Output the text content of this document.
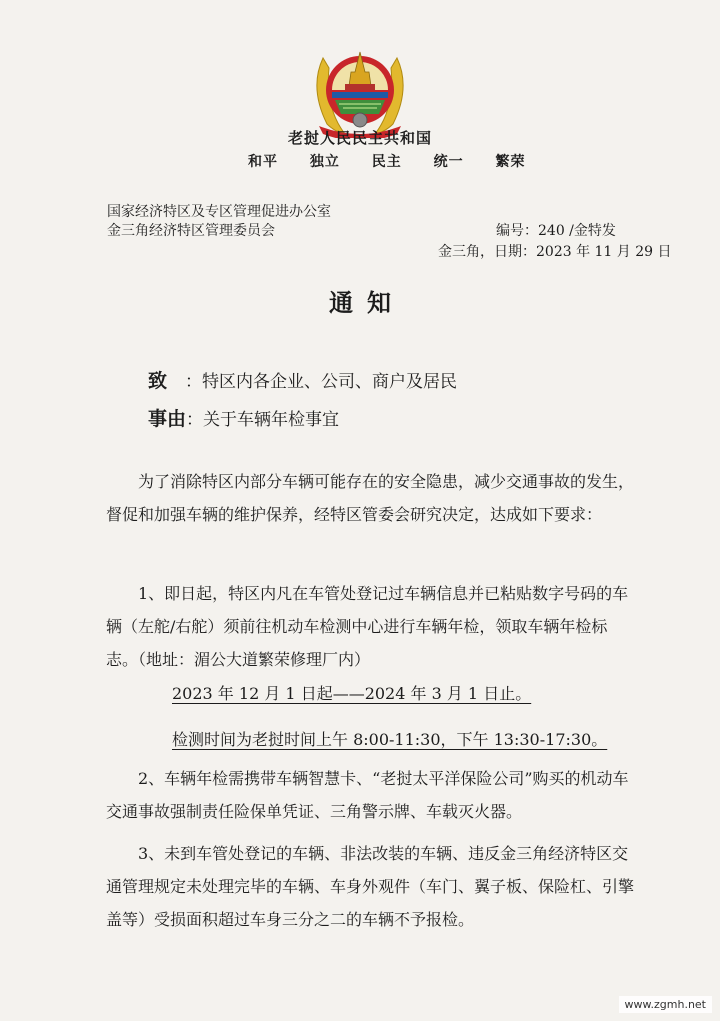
老挝人民民主共和国
和平 独立 民主 统一 繁荣
国家经济特区及专区管理促进办公室
金三角经济特区管理委员会	编号：240 /金特发
金三角，日期：2023 年 11 月 29 日
通知
致 ：特区内各企业、公司、商户及居民
事由：关于车辆年检事宜
为了消除特区内部分车辆可能存在的安全隐患，减少交通事故的发生，督促和加强车辆的维护保养，经特区管委会研究决定，达成如下要求：
1、即日起，特区内凡在车管处登记过车辆信息并已粘贴数字号码的车辆（左舵/右舵）须前往机动车检测中心进行车辆年检，领取车辆年检标志。（地址：湄公大道繁荣修理厂内）
2023 年 12 月 1 日起——2024 年 3 月 1 日止。
检测时间为老挝时间上午 8:00-11:30，下午 13:30-17:30。
2、车辆年检需携带车辆智慧卡、“老挝太平洋保险公司”购买的机动车交通事故强制责任险保单凭证、三角警示牌、车载灭火器。
3、未到车管处登记的车辆、非法改装的车辆、违反金三角经济特区交通管理规定未处理完毕的车辆、车身外观件（车门、翼子板、保险杠、引擎盖等）受损面积超过车身三分之二的车辆不予报检。
www.zgmh.net
